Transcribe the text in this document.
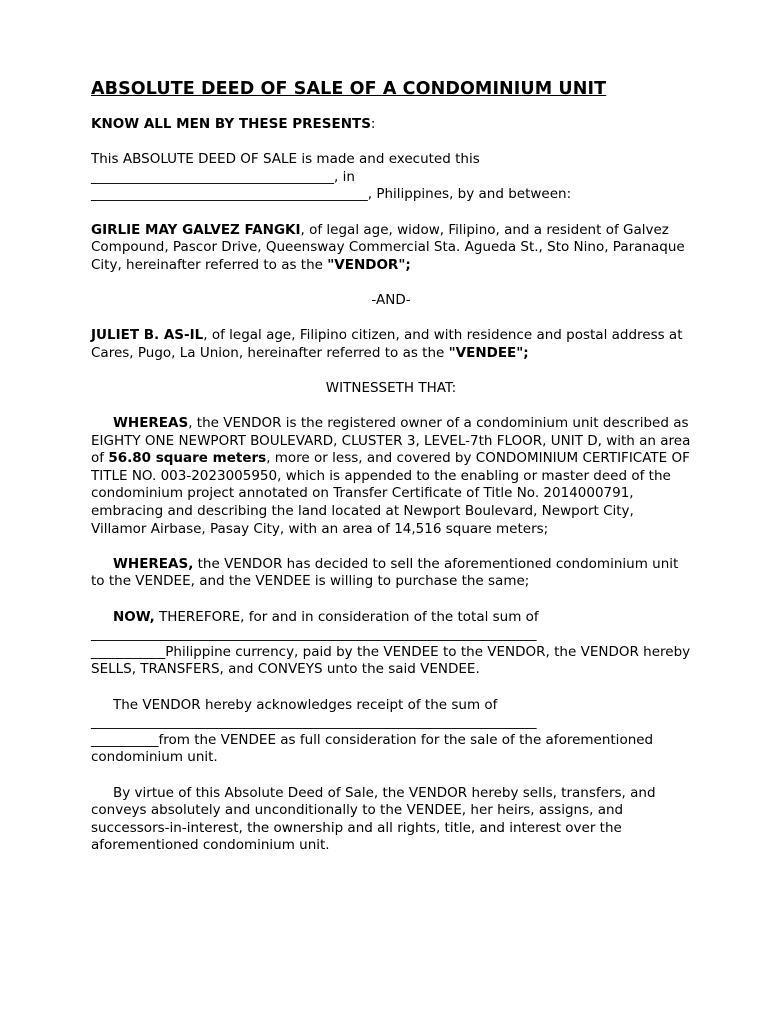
ABSOLUTE DEED OF SALE OF A CONDOMINIUM UNIT

KNOW ALL MEN BY THESE PRESENTS:

This ABSOLUTE DEED OF SALE is made and executed this
____________________________________, in
_________________________________________, Philippines, by and between:

GIRLIE MAY GALVEZ FANGKI, of legal age, widow, Filipino, and a resident of Galvez Compound, Pascor Drive, Queensway Commercial Sta. Agueda St., Sto Nino, Paranaque City, hereinafter referred to as the "VENDOR";

-AND-

JULIET B. AS-IL, of legal age, Filipino citizen, and with residence and postal address at Cares, Pugo, La Union, hereinafter referred to as the "VENDEE";

WITNESSETH THAT:

WHEREAS, the VENDOR is the registered owner of a condominium unit described as EIGHTY ONE NEWPORT BOULEVARD, CLUSTER 3, LEVEL-7th FLOOR, UNIT D, with an area of 56.80 square meters, more or less, and covered by CONDOMINIUM CERTIFICATE OF TITLE NO. 003-2023005950, which is appended to the enabling or master deed of the condominium project annotated on Transfer Certificate of Title No. 2014000791, embracing and describing the land located at Newport Boulevard, Newport City, Villamor Airbase, Pasay City, with an area of 14,516 square meters;

WHEREAS, the VENDOR has decided to sell the aforementioned condominium unit to the VENDEE, and the VENDEE is willing to purchase the same;

NOW, THEREFORE, for and in consideration of the total sum of
__________________________________________________________________
___________Philippine currency, paid by the VENDEE to the VENDOR, the VENDOR hereby SELLS, TRANSFERS, and CONVEYS unto the said VENDEE.

The VENDOR hereby acknowledges receipt of the sum of
__________________________________________________________________
__________from the VENDEE as full consideration for the sale of the aforementioned condominium unit.

By virtue of this Absolute Deed of Sale, the VENDOR hereby sells, transfers, and conveys absolutely and unconditionally to the VENDEE, her heirs, assigns, and successors-in-interest, the ownership and all rights, title, and interest over the aforementioned condominium unit.
